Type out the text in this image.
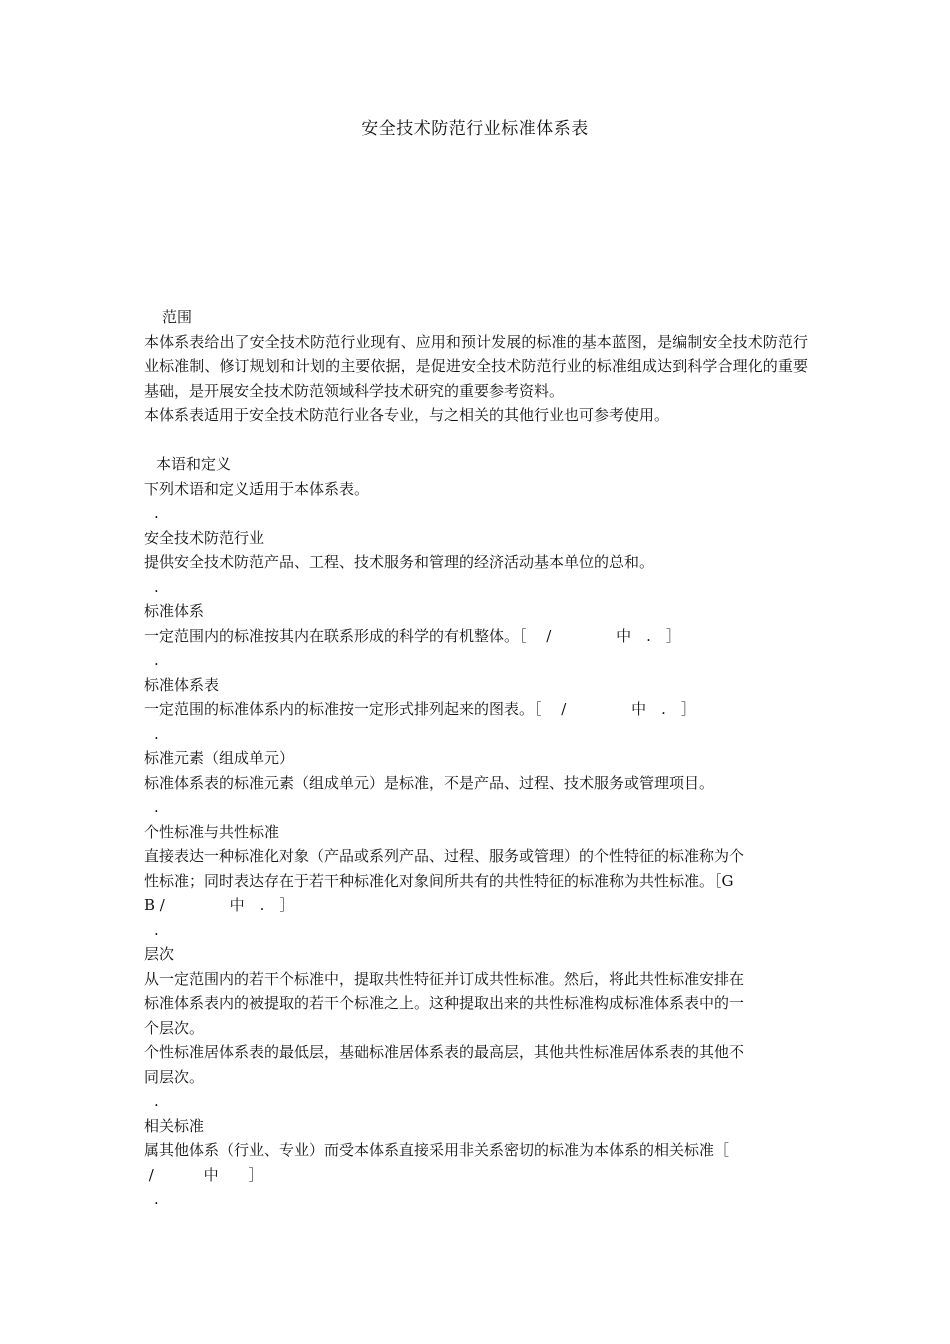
安全技术防范行业标准体系表
范围
本体系表给出了安全技术防范行业现有、应用和预计发展的标准的基本蓝图，是编制安全技术防范行业标准制、修订规划和计划的主要依据，是促进安全技术防范行业的标准组成达到科学合理化的重要基础，是开展安全技术防范领域科学技术研究的重要参考资料。
本体系表适用于安全技术防范行业各专业，与之相关的其他行业也可参考使用。
本语和定义
下列术语和定义适用于本体系表。
.
安全技术防范行业
提供安全技术防范产品、工程、技术服务和管理的经济活动基本单位的总和。
.
标准体系
一定范围内的标准按其内在联系形成的科学的有机整体。［　 /　　　　 中　.　］
.
标准体系表
一定范围的标准体系内的标准按一定形式排列起来的图表。［　 /　　　　 中　.　］
.
标准元素（组成单元）
标准体系表的标准元素（组成单元）是标准，不是产品、过程、技术服务或管理项目。
.
个性标准与共性标准
直接表达一种标准化对象（产品或系列产品、过程、服务或管理）的个性特征的标准称为个
性标准；同时表达存在于若干种标准化对象间所共有的共性特征的标准称为共性标准。［G
B /　　　　 中　.　］
.
层次
从一定范围内的若干个标准中，提取共性特征并订成共性标准。然后，将此共性标准安排在
标准体系表内的被提取的若干个标准之上。这种提取出来的共性标准构成标准体系表中的一
个层次。
个性标准居体系表的最低层，基础标准居体系表的最高层，其他共性标准居体系表的其他不
同层次。
.
相关标准
属其他体系（行业、专业）而受本体系直接采用非关系密切的标准为本体系的相关标准［
/　　　 中　　］
.
